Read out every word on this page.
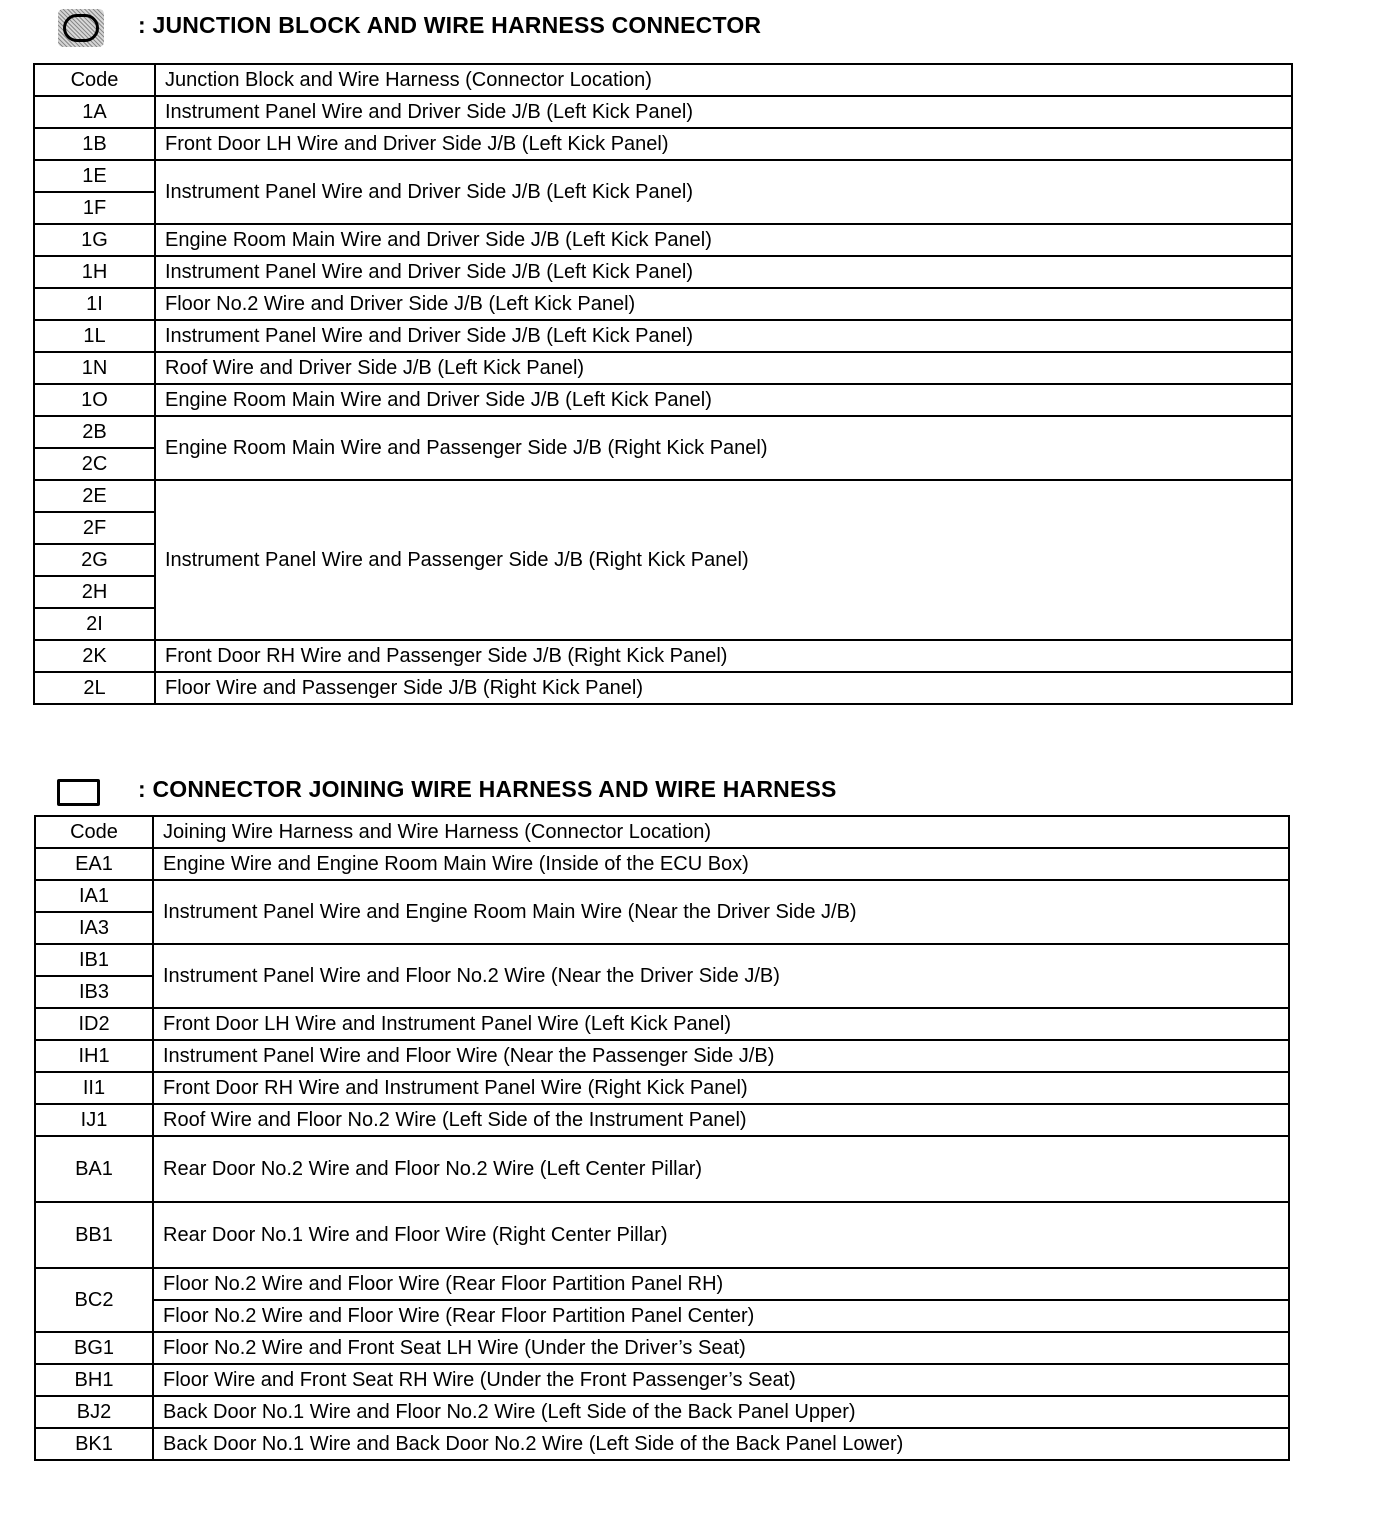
: JUNCTION BLOCK AND WIRE HARNESS CONNECTOR
Code	Junction Block and Wire Harness (Connector Location)
1A	Instrument Panel Wire and Driver Side J/B (Left Kick Panel)
1B	Front Door LH Wire and Driver Side J/B (Left Kick Panel)
1E	Instrument Panel Wire and Driver Side J/B (Left Kick Panel)
1F	
1G	Engine Room Main Wire and Driver Side J/B (Left Kick Panel)
1H	Instrument Panel Wire and Driver Side J/B (Left Kick Panel)
1I	Floor No.2 Wire and Driver Side J/B (Left Kick Panel)
1L	Instrument Panel Wire and Driver Side J/B (Left Kick Panel)
1N	Roof Wire and Driver Side J/B (Left Kick Panel)
1O	Engine Room Main Wire and Driver Side J/B (Left Kick Panel)
2B	Engine Room Main Wire and Passenger Side J/B (Right Kick Panel)
2C	
2E	Instrument Panel Wire and Passenger Side J/B (Right Kick Panel)
2F	
2G	
2H	
2I	
2K	Front Door RH Wire and Passenger Side J/B (Right Kick Panel)
2L	Floor Wire and Passenger Side J/B (Right Kick Panel)
: CONNECTOR JOINING WIRE HARNESS AND WIRE HARNESS
Code	Joining Wire Harness and Wire Harness (Connector Location)
EA1	Engine Wire and Engine Room Main Wire (Inside of the ECU Box)
IA1	Instrument Panel Wire and Engine Room Main Wire (Near the Driver Side J/B)
IA3	
IB1	Instrument Panel Wire and Floor No.2 Wire (Near the Driver Side J/B)
IB3	
ID2	Front Door LH Wire and Instrument Panel Wire (Left Kick Panel)
IH1	Instrument Panel Wire and Floor Wire (Near the Passenger Side J/B)
II1	Front Door RH Wire and Instrument Panel Wire (Right Kick Panel)
IJ1	Roof Wire and Floor No.2 Wire (Left Side of the Instrument Panel)
BA1	Rear Door No.2 Wire and Floor No.2 Wire (Left Center Pillar)
BB1	Rear Door No.1 Wire and Floor Wire (Right Center Pillar)
BC2	Floor No.2 Wire and Floor Wire (Rear Floor Partition Panel RH)
	Floor No.2 Wire and Floor Wire (Rear Floor Partition Panel Center)
BG1	Floor No.2 Wire and Front Seat LH Wire (Under the Driver’s Seat)
BH1	Floor Wire and Front Seat RH Wire (Under the Front Passenger’s Seat)
BJ2	Back Door No.1 Wire and Floor No.2 Wire (Left Side of the Back Panel Upper)
BK1	Back Door No.1 Wire and Back Door No.2 Wire (Left Side of the Back Panel Lower)
